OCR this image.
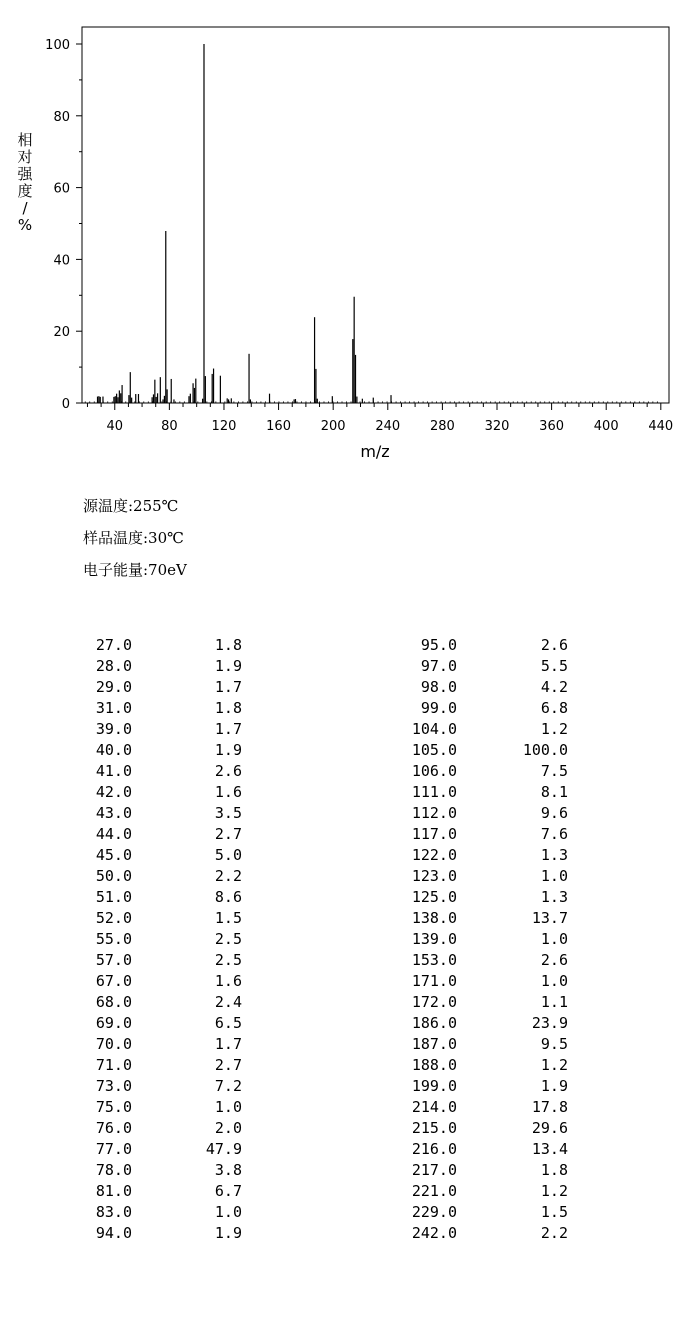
0
20
40
60
80
100
40	80	120 160 200 240 280 320 360 400 440
m/z
相
对
强
度
/
%
源温度:255℃
样品温度:30℃
电子能量:70eV
27.0	1.8
28.0	1.9
29.0	1.7
31.0	1.8
39.0	1.7
40.0	1.9
41.0	2.6
42.0	1.6
43.0	3.5
44.0	2.7
45.0	5.0
50.0	2.2
51.0	8.6
52.0	1.5
55.0	2.5
57.0	2.5
67.0	1.6
68.0	2.4
69.0	6.5
70.0	1.7
71.0	2.7
73.0	7.2
75.0	1.0
76.0	2.0
77.0	47.9
78.0	3.8
81.0	6.7
83.0	1.0
94.0	1.9
95.0	2.6
97.0	5.5
98.0	4.2
99.0	6.8
104.0	1.2
105.0	100.0
106.0	7.5
111.0	8.1
112.0	9.6
117.0	7.6
122.0	1.3
123.0	1.0
125.0	1.3
138.0	13.7
139.0	1.0
153.0	2.6
171.0	1.0
172.0	1.1
186.0	23.9
187.0	9.5
188.0	1.2
199.0	1.9
214.0	17.8
215.0	29.6
216.0	13.4
217.0	1.8
221.0	1.2
229.0	1.5
242.0	2.2
